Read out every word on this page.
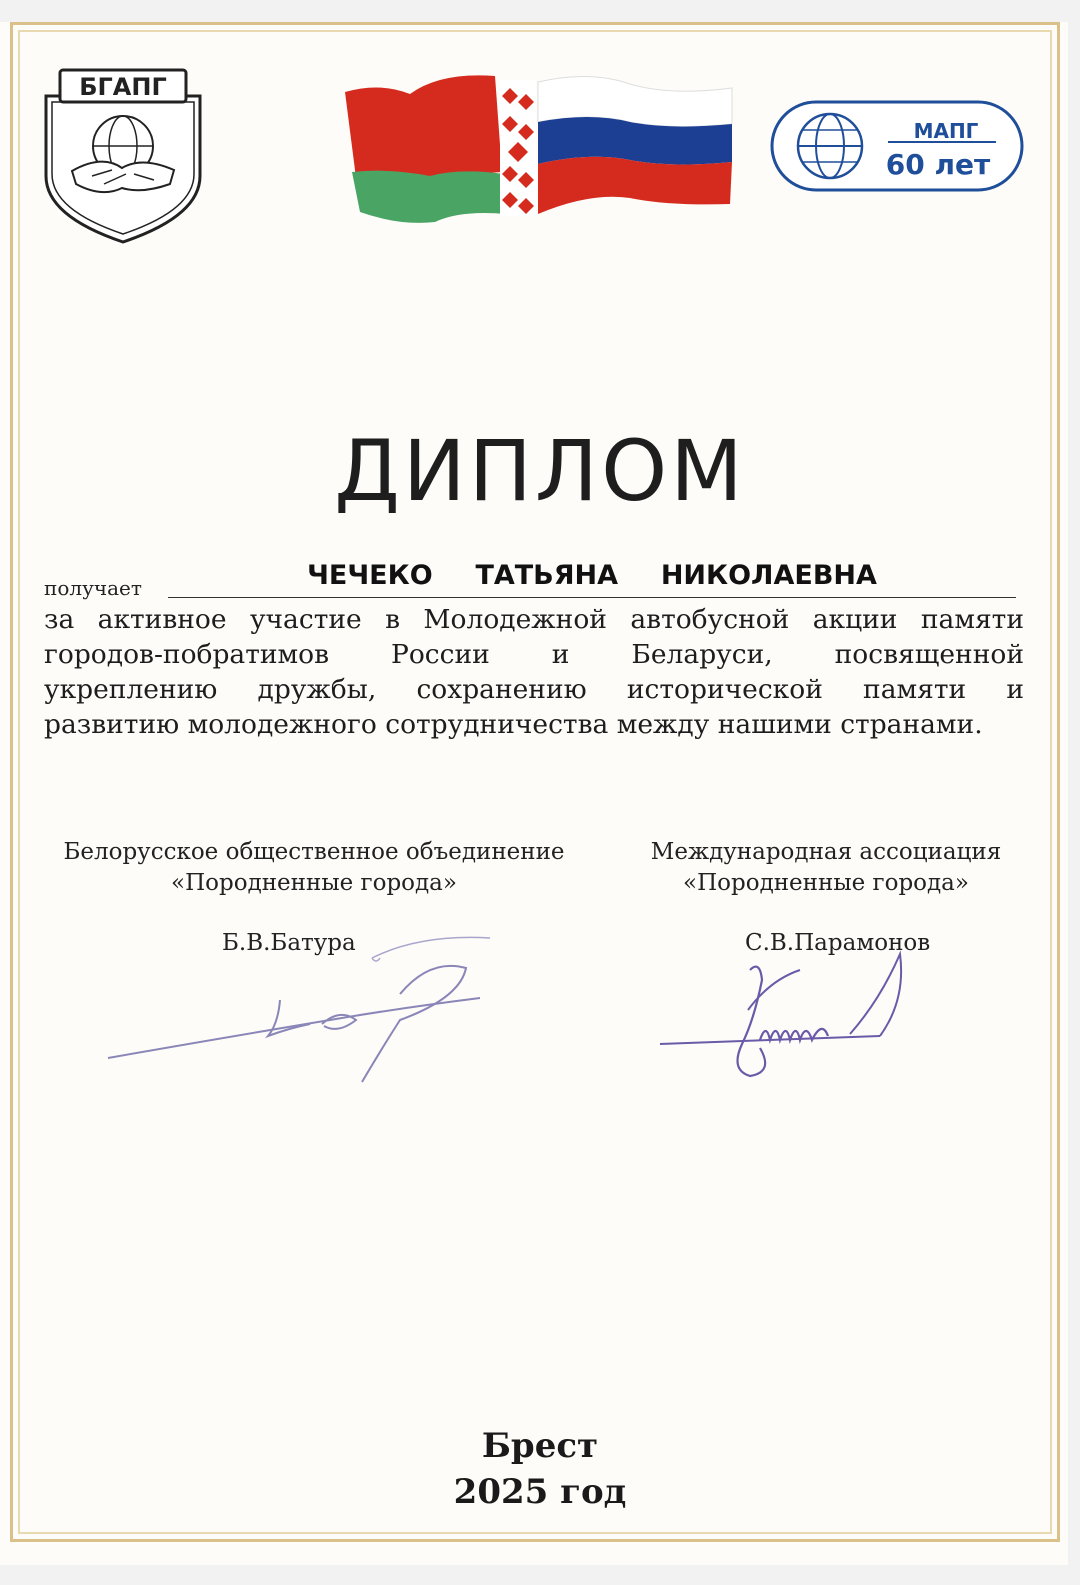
БГАПГ
МАПГ
60 лет
ДИПЛОМ
получает	ЧЕЧЕКО  ТАТЬЯНА  НИКОЛАЕВНА
за активное участие в Молодежной автобусной акции памяти
городов-побратимов России и Беларуси, посвященной
укреплению дружбы, сохранению исторической памяти и
развитию молодежного сотрудничества между нашими странами.
Белорусское общественное объединение
«Породненные города»
Международная ассоциация
«Породненные города»
Б.В.Батура	С.В.Парамонов
Брест
2025 год
